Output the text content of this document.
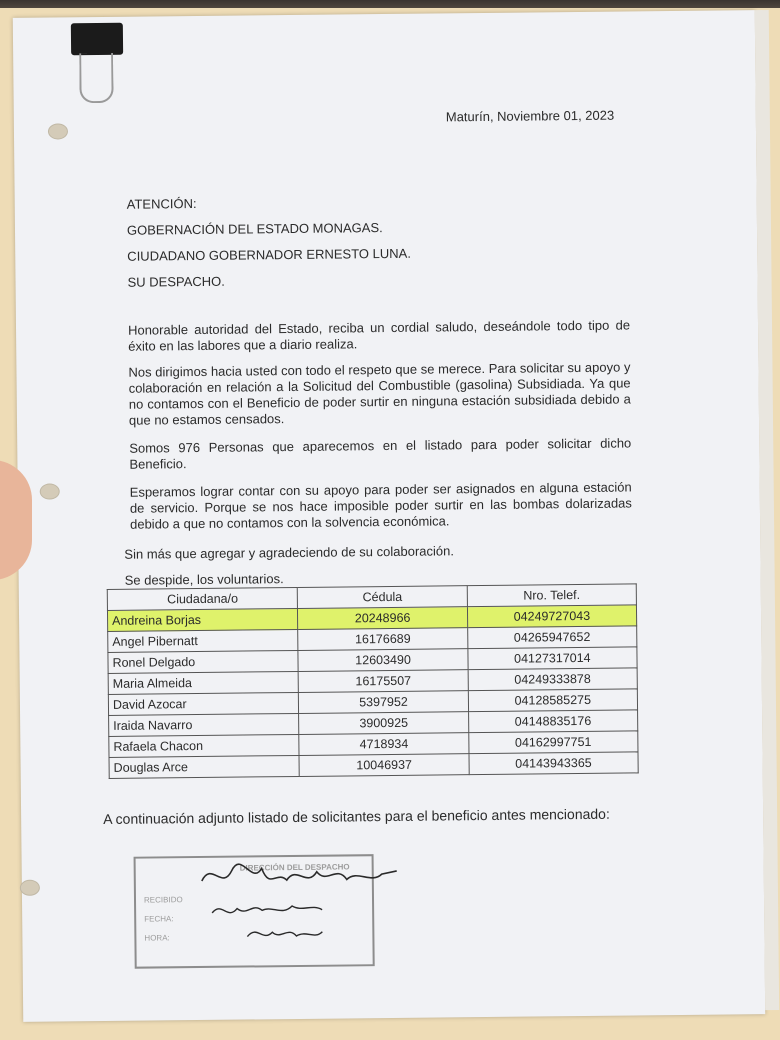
Maturín, Noviembre 01, 2023
ATENCIÓN:
GOBERNACIÓN DEL ESTADO MONAGAS.
CIUDADANO GOBERNADOR ERNESTO LUNA.
SU DESPACHO.
Honorable autoridad del Estado, reciba un cordial saludo, deseándole todo tipo de éxito en las labores que a diario realiza.
Nos dirigimos hacia usted con todo el respeto que se merece. Para solicitar su apoyo y colaboración en relación a la Solicitud del Combustible (gasolina) Subsidiada. Ya que no contamos con el Beneficio de poder surtir en ninguna estación subsidiada debido a que no estamos censados.
Somos 976 Personas que aparecemos en el listado para poder solicitar dicho Beneficio.
Esperamos lograr contar con su apoyo para poder ser asignados en alguna estación de servicio. Porque se nos hace imposible poder surtir en las bombas dolarizadas debido a que no contamos con la solvencia económica.
Sin más que agregar y agradeciendo de su colaboración.
Se despide, los voluntarios.
Ciudadana/o	Cédula	Nro. Telef.
Andreina Borjas	20248966	04249727043
Angel Pibernatt	16176689	04265947652
Ronel Delgado	12603490	04127317014
Maria Almeida	16175507	04249333878
David Azocar	5397952	04128585275
Iraida Navarro	3900925	04148835176
Rafaela Chacon	4718934	04162997751
Douglas Arce	10046937	04143943365
A continuación adjunto listado de solicitantes para el beneficio antes mencionado:
DIRECCIÓN DEL DESPACHO
RECIBIDO
FECHA:
HORA:
